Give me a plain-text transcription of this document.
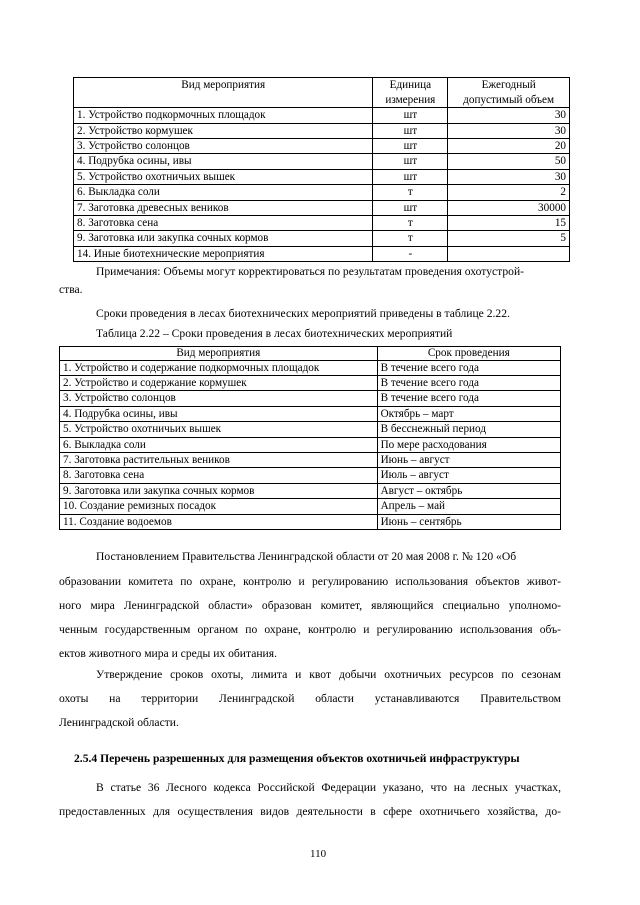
Вид мероприятия	Единица измерения	Ежегодный допустимый объем
1. Устройство подкормочных площадок	шт	30
2. Устройство кормушек	шт	30
3. Устройство солонцов	шт	20
4. Подрубка осины, ивы	шт	50
5. Устройство охотничьих вышек	шт	30
6. Выкладка соли	т	2
7. Заготовка древесных веников	шт	30000
8. Заготовка сена	т	15
9. Заготовка или закупка сочных кормов	т	5
14. Иные биотехнические мероприятия	-	
Примечания: Объемы могут корректироваться по результатам проведения охотустрой-
ства.
Сроки проведения в лесах биотехнических мероприятий приведены в таблице 2.22.
Таблица 2.22 – Сроки проведения в лесах биотехнических мероприятий
Вид мероприятия	Срок проведения
1. Устройство и содержание подкормочных площадок	В течение всего года
2. Устройство и содержание кормушек	В течение всего года
3. Устройство солонцов	В течение всего года
4. Подрубка осины, ивы	Октябрь – март
5. Устройство охотничьих вышек	В бесснежный период
6. Выкладка соли	По мере расходования
7. Заготовка растительных веников	Июнь – август
8. Заготовка сена	Июль – август
9. Заготовка или закупка сочных кормов	Август – октябрь
10. Создание ремизных посадок	Апрель – май
11. Создание водоемов	Июнь – сентябрь
Постановлением Правительства Ленинградской области от 20 мая 2008 г. № 120 «Об
образовании комитета по охране, контролю и регулированию использования объектов живот-
ного мира Ленинградской области» образован комитет, являющийся специально уполномо-
ченным государственным органом по охране, контролю и регулированию использования объ-
ектов животного мира и среды их обитания.
Утверждение сроков охоты, лимита и квот добычи охотничьих ресурсов по сезонам
охоты на территории Ленинградской области устанавливаются Правительством
Ленинградской области.
2.5.4 Перечень разрешенных для размещения объектов охотничьей инфраструктуры
В статье 36 Лесного кодекса Российской Федерации указано, что на лесных участках,
предоставленных для осуществления видов деятельности в сфере охотничьего хозяйства, до-
110
